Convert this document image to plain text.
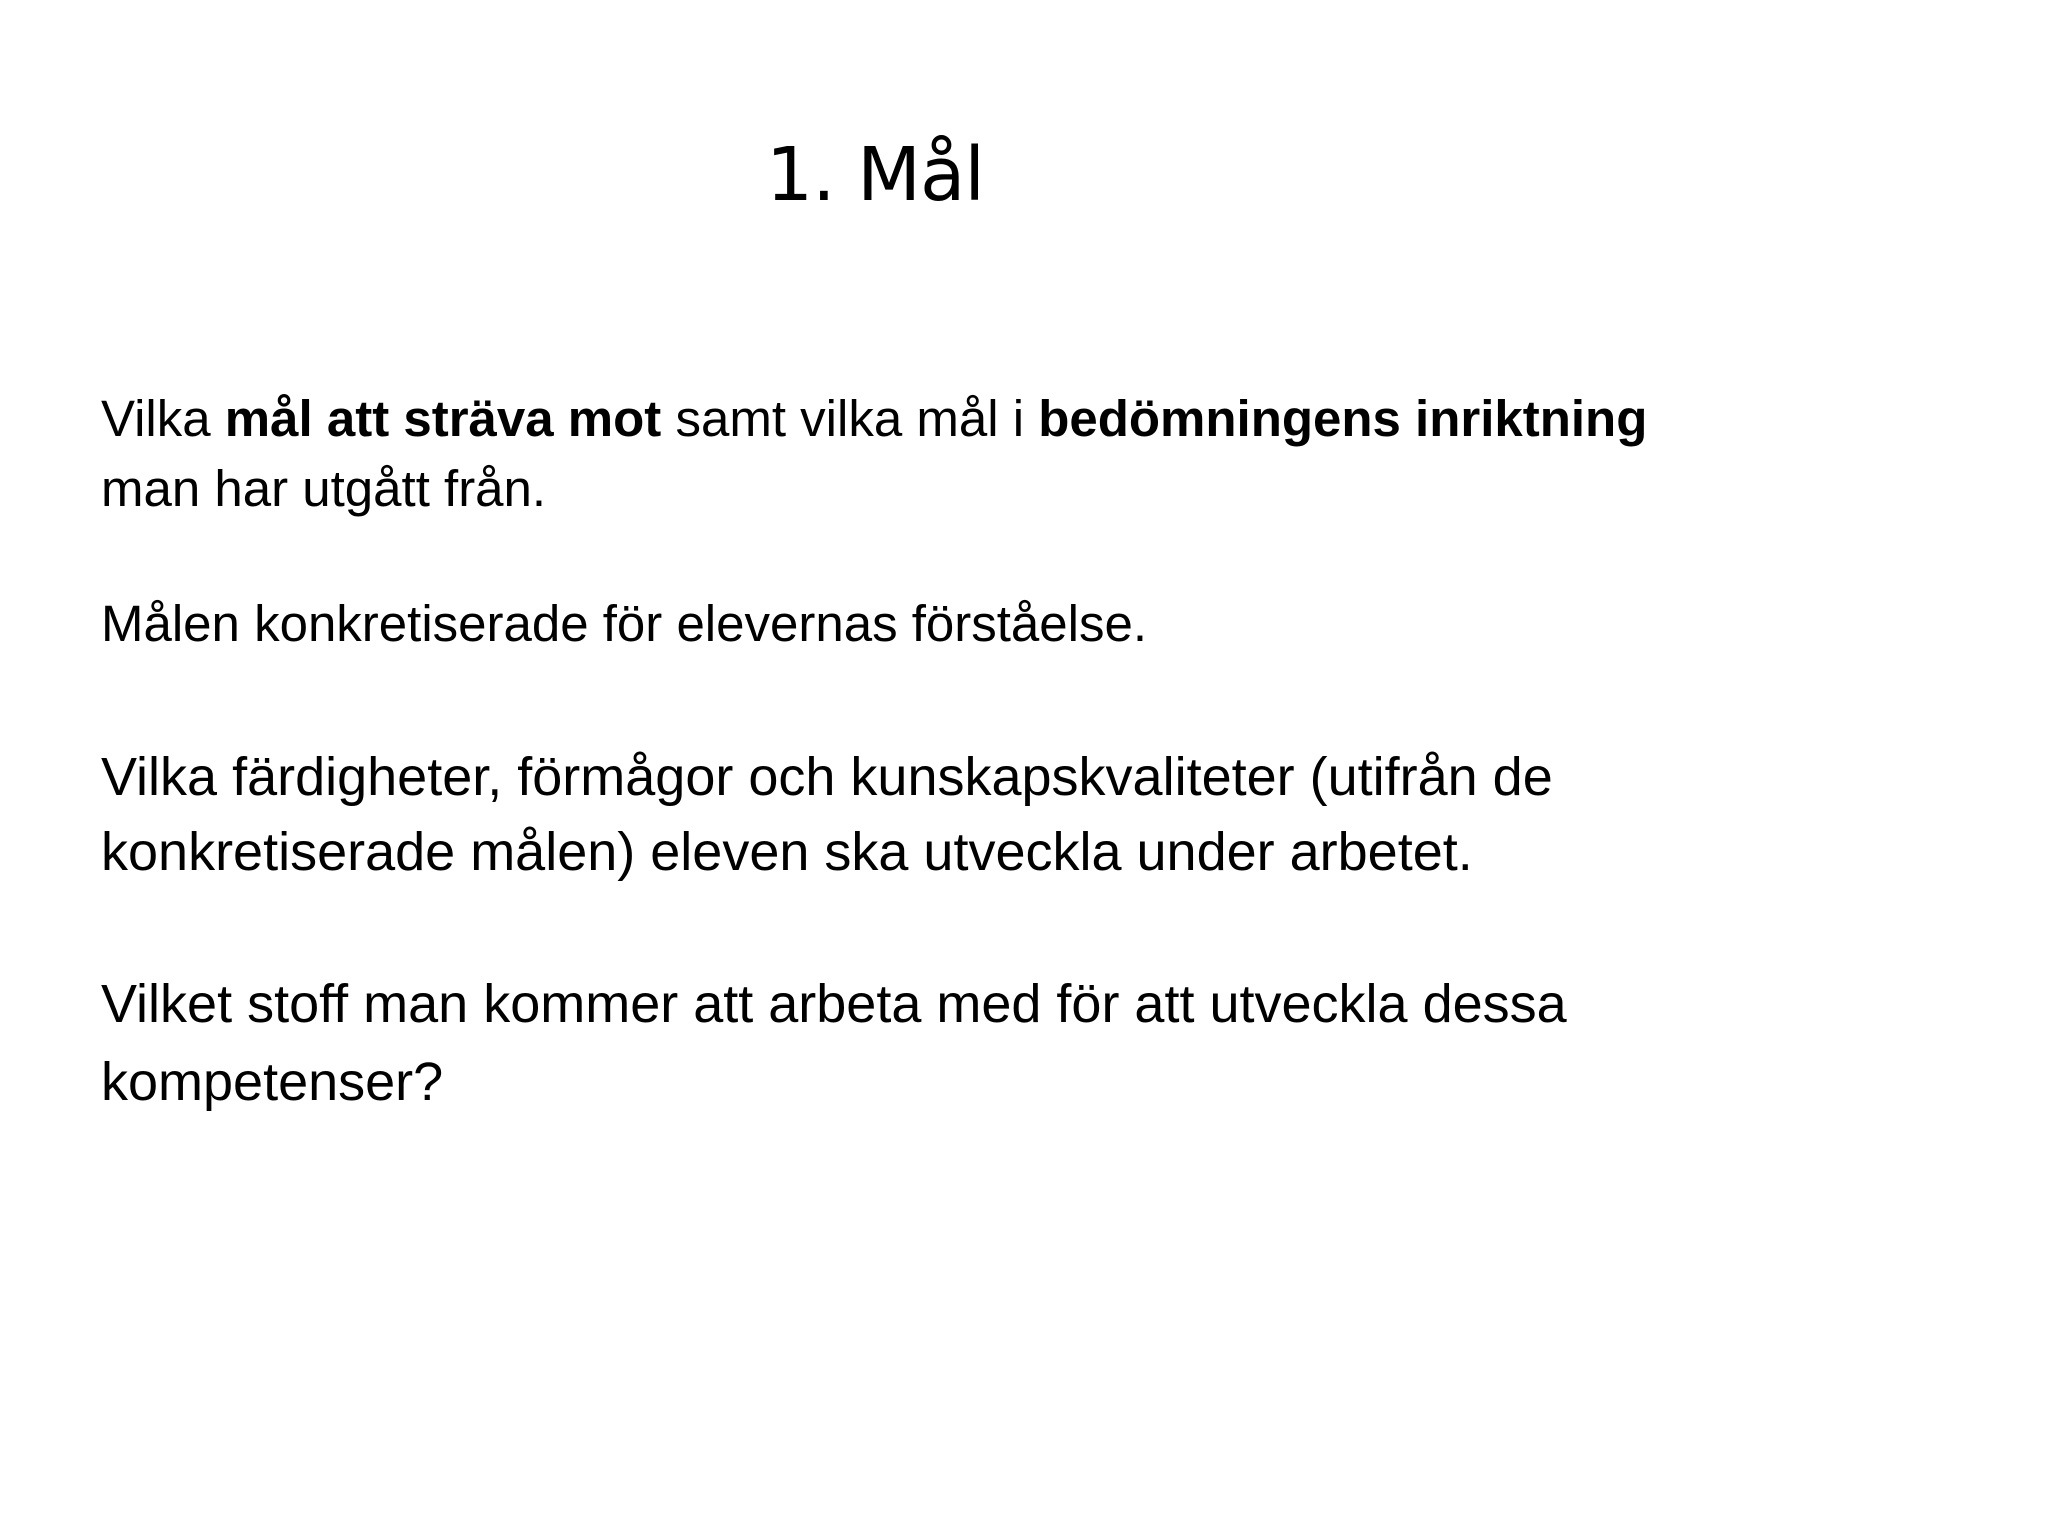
1. Mål

Vilka mål att sträva mot samt vilka mål i bedömningens inriktning
man har utgått från.

Målen konkretiserade för elevernas förståelse.

Vilka färdigheter, förmågor och kunskapskvaliteter (utifrån de konkretiserade målen) eleven ska utveckla under arbetet.

Vilket stoff man kommer att arbeta med för att utveckla dessa kompetenser?
